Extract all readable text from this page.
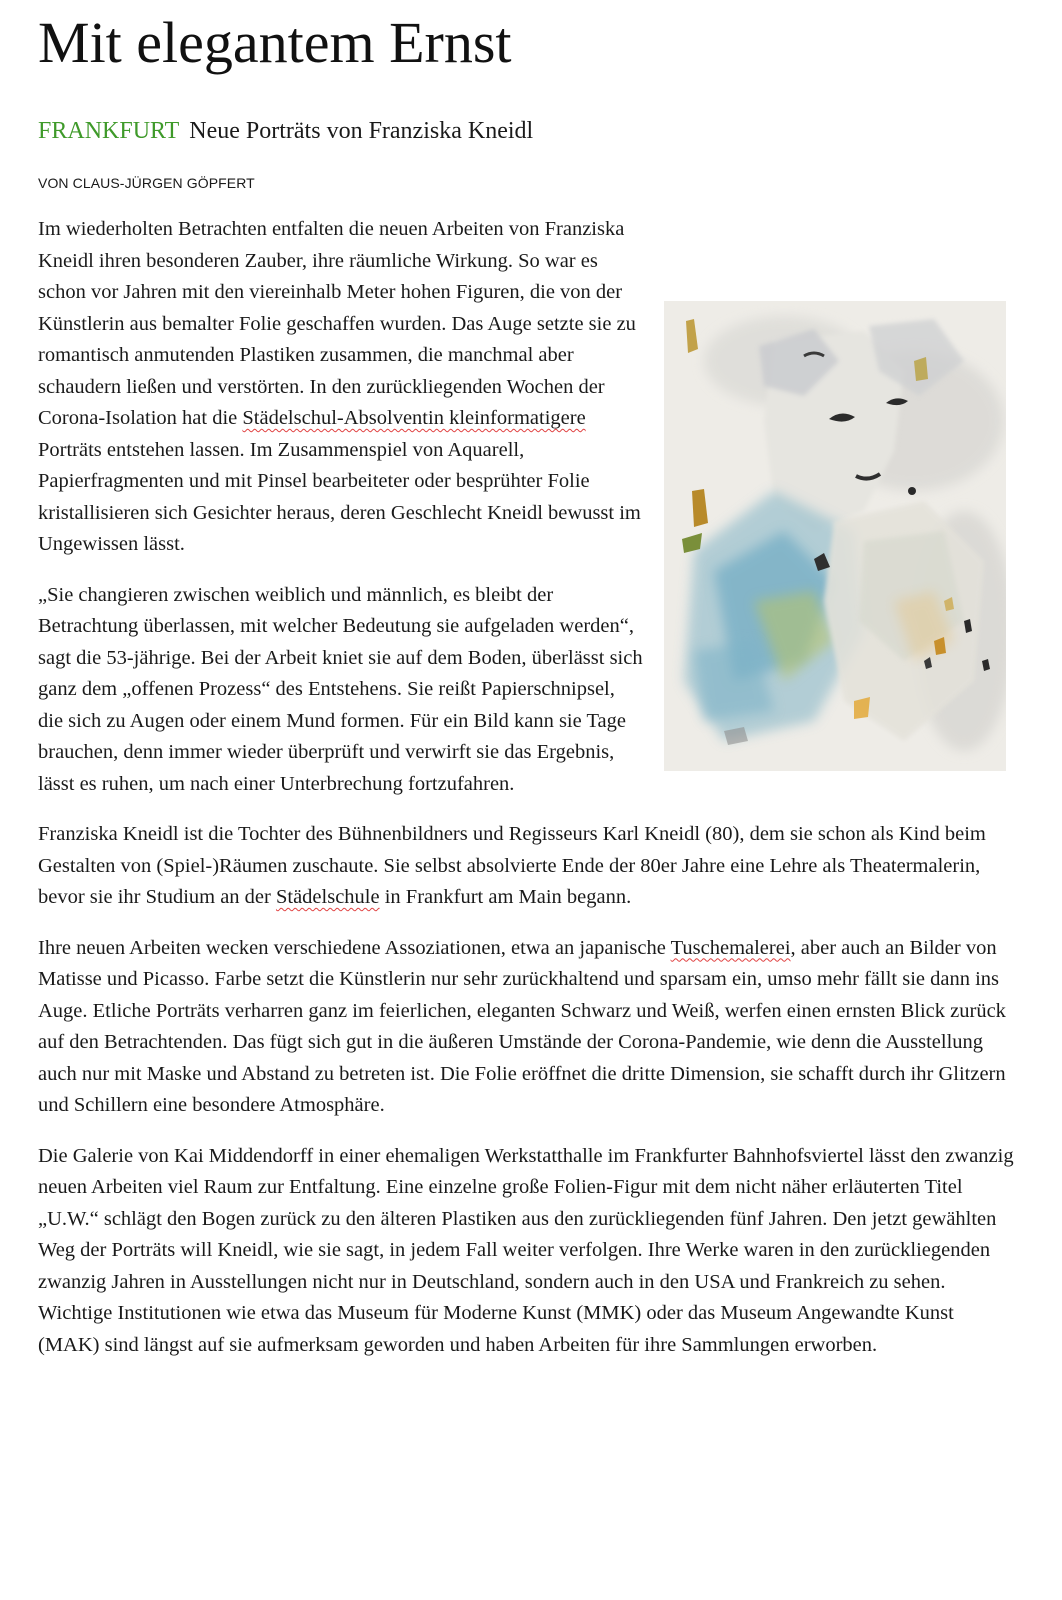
Mit elegantem Ernst
FRANKFURT Neue Porträts von Franziska Kneidl
VON CLAUS-JÜRGEN GÖPFERT

Im wiederholten Betrachten entfalten die neuen Arbeiten von Franziska Kneidl ihren besonderen Zauber, ihre räumliche Wirkung. So war es schon vor Jahren mit den viereinhalb Meter hohen Figuren, die von der Künstlerin aus bemalter Folie geschaffen wurden. Das Auge setzte sie zu romantisch anmutenden Plastiken zusammen, die manchmal aber schaudern ließen und verstörten. In den zurückliegenden Wochen der Corona-Isolation hat die Städelschul-Absolventin kleinformatigere Porträts entstehen lassen. Im Zusammenspiel von Aquarell, Papierfragmenten und mit Pinsel bearbeiteter oder besprühter Folie kristallisieren sich Gesichter heraus, deren Geschlecht Kneidl bewusst im Ungewissen lässt.

„Sie changieren zwischen weiblich und männlich, es bleibt der Betrachtung überlassen, mit welcher Bedeutung sie aufgeladen werden“, sagt die 53-jährige. Bei der Arbeit kniet sie auf dem Boden, überlässt sich ganz dem „offenen Prozess“ des Entstehens. Sie reißt Papierschnipsel, die sich zu Augen oder einem Mund formen. Für ein Bild kann sie Tage brauchen, denn immer wieder überprüft und verwirft sie das Ergebnis, lässt es ruhen, um nach einer Unterbrechung fortzufahren.

Franziska Kneidl ist die Tochter des Bühnenbildners und Regisseurs Karl Kneidl (80), dem sie schon als Kind beim Gestalten von (Spiel-)Räumen zuschaute. Sie selbst absolvierte Ende der 80er Jahre eine Lehre als Theatermalerin, bevor sie ihr Studium an der Städelschule in Frankfurt am Main begann.

Ihre neuen Arbeiten wecken verschiedene Assoziationen, etwa an japanische Tuschemalerei, aber auch an Bilder von Matisse und Picasso. Farbe setzt die Künstlerin nur sehr zurückhaltend und sparsam ein, umso mehr fällt sie dann ins Auge. Etliche Porträts verharren ganz im feierlichen, eleganten Schwarz und Weiß, werfen einen ernsten Blick zurück auf den Betrachtenden. Das fügt sich gut in die äußeren Umstände der Corona-Pandemie, wie denn die Ausstellung auch nur mit Maske und Abstand zu betreten ist. Die Folie eröffnet die dritte Dimension, sie schafft durch ihr Glitzern und Schillern eine besondere Atmosphäre.

Die Galerie von Kai Middendorff in einer ehemaligen Werkstatthalle im Frankfurter Bahnhofsviertel lässt den zwanzig neuen Arbeiten viel Raum zur Entfaltung. Eine einzelne große Folien-Figur mit dem nicht näher erläuterten Titel „U.W.“ schlägt den Bogen zurück zu den älteren Plastiken aus den zurückliegenden fünf Jahren. Den jetzt gewählten Weg der Porträts will Kneidl, wie sie sagt, in jedem Fall weiter verfolgen. Ihre Werke waren in den zurückliegenden zwanzig Jahren in Ausstellungen nicht nur in Deutschland, sondern auch in den USA und Frankreich zu sehen. Wichtige Institutionen wie etwa das Museum für Moderne Kunst (MMK) oder das Museum Angewandte Kunst (MAK) sind längst auf sie aufmerksam geworden und haben Arbeiten für ihre Sammlungen erworben.
